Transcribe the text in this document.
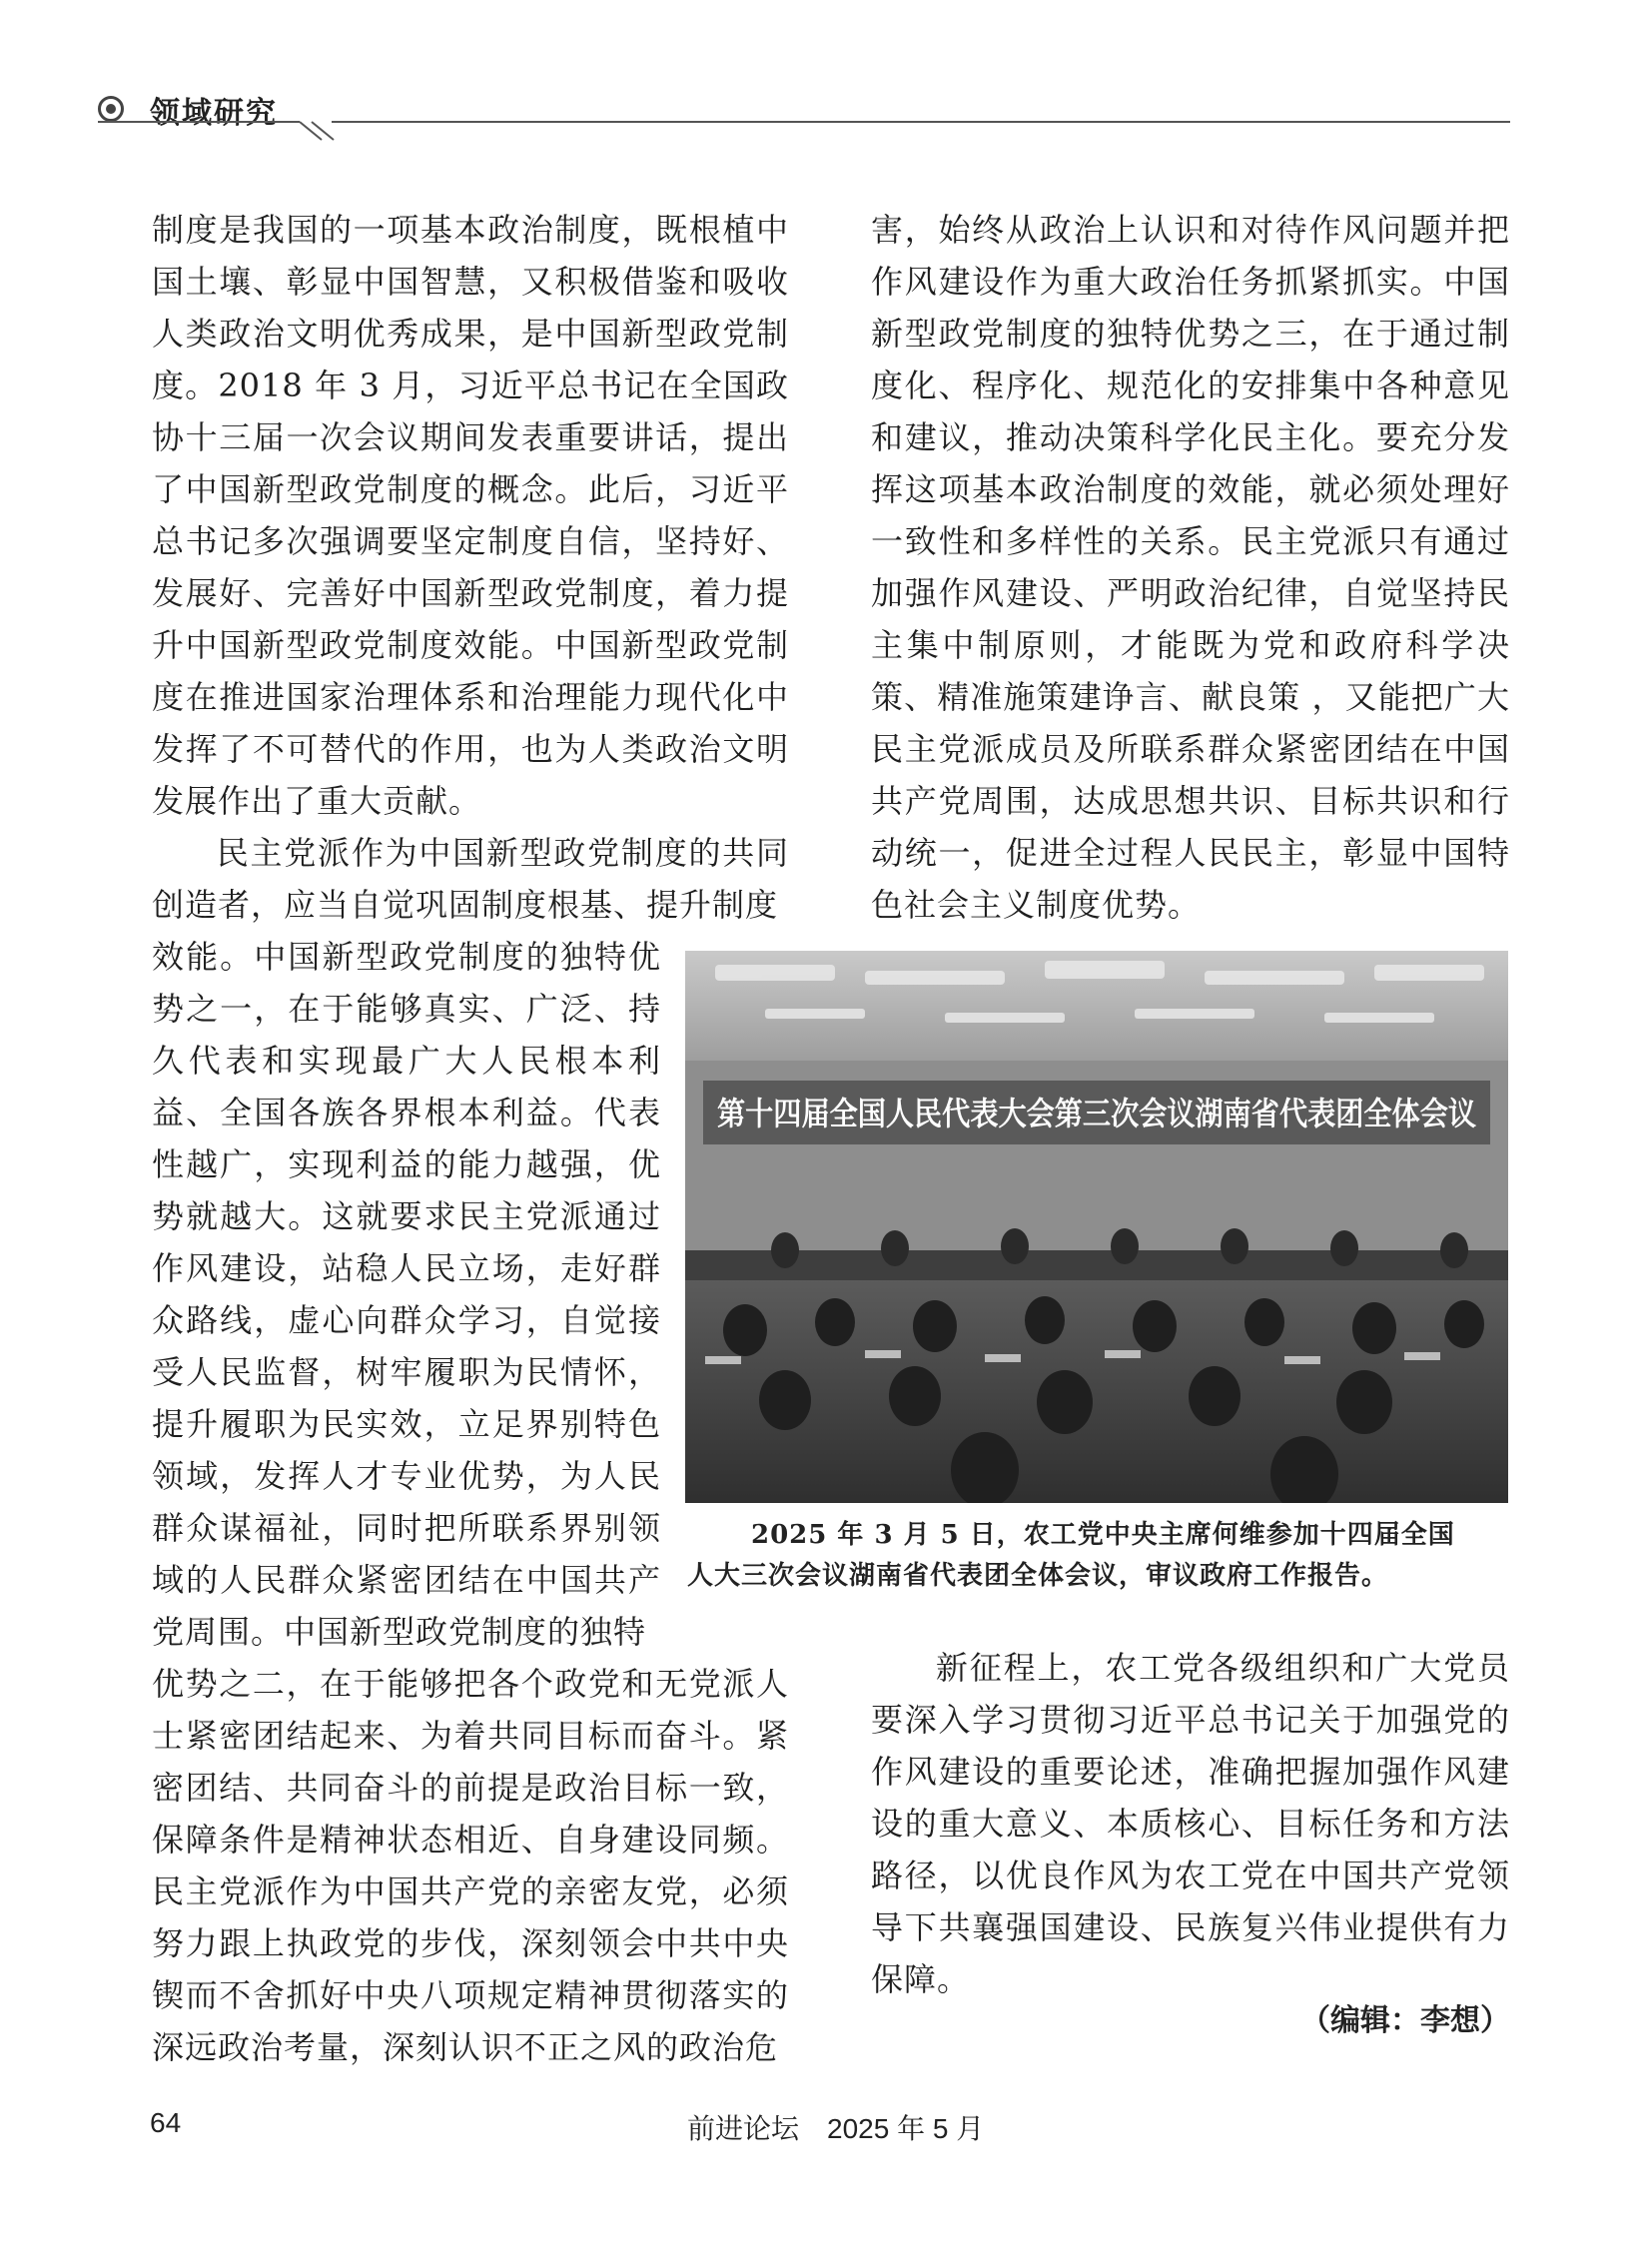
领域研究

制度是我国的一项基本政治制度，既根植中国土壤、彰显中国智慧，又积极借鉴和吸收人类政治文明优秀成果，是中国新型政党制度。2018 年 3 月，习近平总书记在全国政协十三届一次会议期间发表重要讲话，提出了中国新型政党制度的概念。此后，习近平总书记多次强调要坚定制度自信，坚持好、发展好、完善好中国新型政党制度，着力提升中国新型政党制度效能。中国新型政党制度在推进国家治理体系和治理能力现代化中发挥了不可替代的作用，也为人类政治文明发展作出了重大贡献。

民主党派作为中国新型政党制度的共同创造者，应当自觉巩固制度根基、提升制度

效能。中国新型政党制度的独特优势之一，在于能够真实、广泛、持久代表和实现最广大人民根本利益、全国各族各界根本利益。代表性越广，实现利益的能力越强，优势就越大。这就要求民主党派通过作风建设，站稳人民立场，走好群众路线，虚心向群众学习，自觉接受人民监督，树牢履职为民情怀，提升履职为民实效，立足界别特色领域，发挥人才专业优势，为人民群众谋福祉，同时把所联系界别领域的人民群众紧密团结在中国共产党周围。中国新型政党制度的独特

优势之二，在于能够把各个政党和无党派人士紧密团结起来、为着共同目标而奋斗。紧密团结、共同奋斗的前提是政治目标一致，保障条件是精神状态相近、自身建设同频。民主党派作为中国共产党的亲密友党，必须努力跟上执政党的步伐，深刻领会中共中央锲而不舍抓好中央八项规定精神贯彻落实的深远政治考量，深刻认识不正之风的政治危

害，始终从政治上认识和对待作风问题并把作风建设作为重大政治任务抓紧抓实。中国新型政党制度的独特优势之三，在于通过制度化、程序化、规范化的安排集中各种意见和建议，推动决策科学化民主化。要充分发挥这项基本政治制度的效能，就必须处理好一致性和多样性的关系。民主党派只有通过加强作风建设、严明政治纪律，自觉坚持民主集中制原则，才能既为党和政府科学决策、精准施策建诤言、献良策 ，又能把广大民主党派成员及所联系群众紧密团结在中国共产党周围，达成思想共识、目标共识和行动统一，促进全过程人民民主，彰显中国特色社会主义制度优势。

第十四届全国人民代表大会第三次会议湖南省代表团全体会议

2025 年 3 月 5 日，农工党中央主席何维参加十四届全国

人大三次会议湖南省代表团全体会议，审议政府工作报告。

新征程上，农工党各级组织和广大党员要深入学习贯彻习近平总书记关于加强党的作风建设的重要论述，准确把握加强作风建设的重大意义、本质核心、目标任务和方法路径，以优良作风为农工党在中国共产党领导下共襄强国建设、民族复兴伟业提供有力保障。

（编辑：李想）
64	前进论坛 2025 年 5 月
